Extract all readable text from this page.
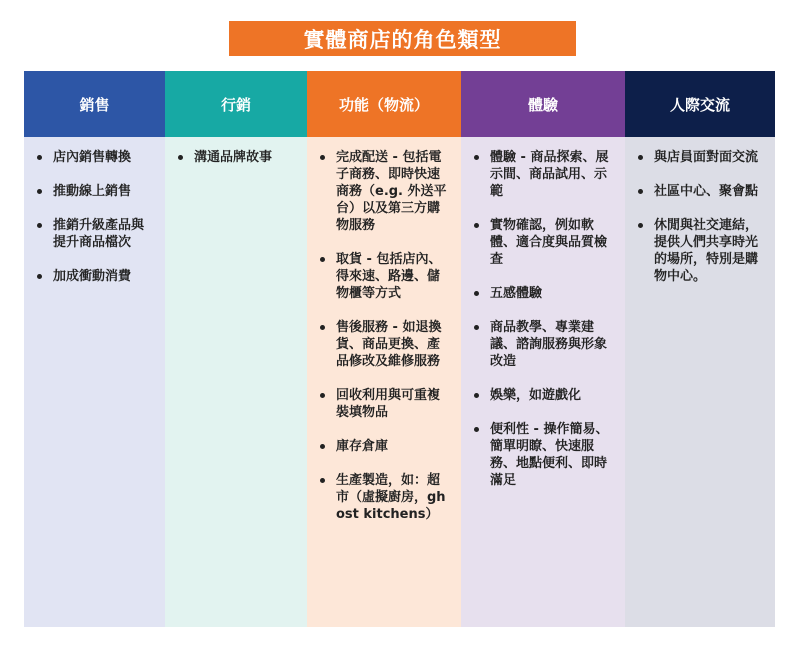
實體商店的角色類型
銷售
店內銷售轉換
推動線上銷售
推銷升級產品與提升商品檔次
加成衝動消費
行銷
溝通品牌故事
功能（物流）
完成配送 - 包括電子商務、即時快速商務（e.g. 外送平台）以及第三方購物服務
取貨 - 包括店內、得來速、路邊、儲物櫃等方式
售後服務 - 如退換貨、商品更換、產品修改及維修服務
回收利用與可重複裝填物品
庫存倉庫
生產製造，如：超市（虛擬廚房，ghost kitchens）
體驗
體驗 - 商品探索、展示間、商品試用、示範
實物確認，例如軟體、適合度與品質檢查
五感體驗
商品教學、專業建議、諮詢服務與形象改造
娛樂，如遊戲化
便利性 - 操作簡易、簡單明瞭、快速服務、地點便利、即時滿足
人際交流
與店員面對面交流
社區中心、聚會點
休閒與社交連結，提供人們共享時光的場所，特別是購物中心。
